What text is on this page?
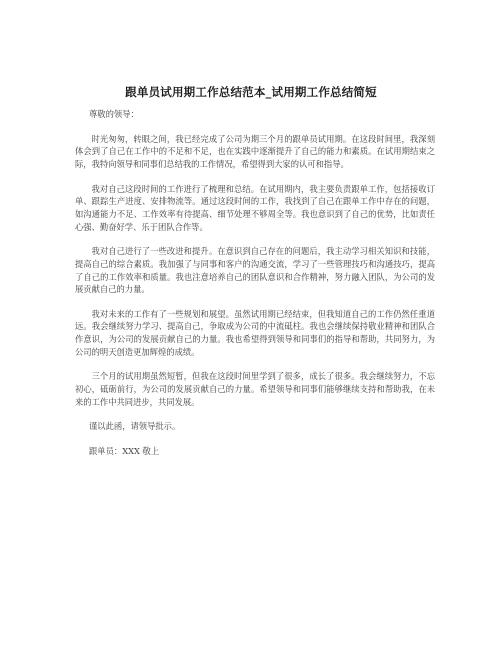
跟单员试用期工作总结范本_试用期工作总结简短

尊敬的领导：

时光匆匆，转眼之间，我已经完成了公司为期三个月的跟单员试用期。在这段时间里，我深刻体会到了自己在工作中的不足和不足，也在实践中逐渐提升了自己的能力和素质。在试用期结束之际，我特向领导和同事们总结我的工作情况，希望得到大家的认可和指导。

我对自己这段时间的工作进行了梳理和总结。在试用期内，我主要负责跟单工作，包括接收订单、跟踪生产进度、安排物流等。通过这段时间的工作，我找到了自己在跟单工作中存在的问题，如沟通能力不足、工作效率有待提高、细节处理不够周全等。我也意识到了自己的优势，比如责任心强、勤奋好学、乐于团队合作等。

我对自己进行了一些改进和提升。在意识到自己存在的问题后，我主动学习相关知识和技能，提高自己的综合素质。我加强了与同事和客户的沟通交流，学习了一些管理技巧和沟通技巧，提高了自己的工作效率和质量。我也注意培养自己的团队意识和合作精神，努力融入团队，为公司的发展贡献自己的力量。

我对未来的工作有了一些规划和展望。虽然试用期已经结束，但我知道自己的工作仍然任重道远。我会继续努力学习、提高自己，争取成为公司的中流砥柱。我也会继续保持敬业精神和团队合作意识，为公司的发展贡献自己的力量。我也希望得到领导和同事们的指导和帮助，共同努力，为公司的明天创造更加辉煌的成绩。

三个月的试用期虽然短暂，但我在这段时间里学到了很多，成长了很多。我会继续努力，不忘初心，砥砺前行，为公司的发展贡献自己的力量。希望领导和同事们能够继续支持和帮助我，在未来的工作中共同进步，共同发展。

谨以此函，请领导批示。

跟单员：XXX 敬上
